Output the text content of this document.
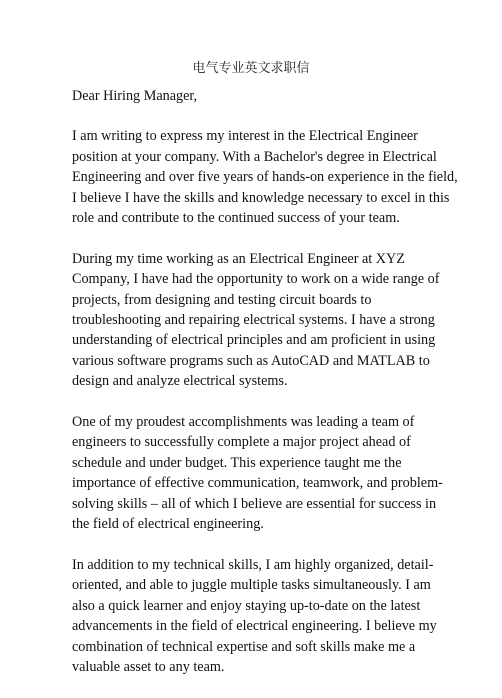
电气专业英文求职信
Dear Hiring Manager,
I am writing to express my interest in the Electrical Engineer
position at your company. With a Bachelor's degree in Electrical
Engineering and over five years of hands-on experience in the field,
I believe I have the skills and knowledge necessary to excel in this
role and contribute to the continued success of your team.
During my time working as an Electrical Engineer at XYZ
Company, I have had the opportunity to work on a wide range of
projects, from designing and testing circuit boards to
troubleshooting and repairing electrical systems. I have a strong
understanding of electrical principles and am proficient in using
various software programs such as AutoCAD and MATLAB to
design and analyze electrical systems.
One of my proudest accomplishments was leading a team of
engineers to successfully complete a major project ahead of
schedule and under budget. This experience taught me the
importance of effective communication, teamwork, and problem-
solving skills – all of which I believe are essential for success in
the field of electrical engineering.
In addition to my technical skills, I am highly organized, detail-
oriented, and able to juggle multiple tasks simultaneously. I am
also a quick learner and enjoy staying up-to-date on the latest
advancements in the field of electrical engineering. I believe my
combination of technical expertise and soft skills make me a
valuable asset to any team.
